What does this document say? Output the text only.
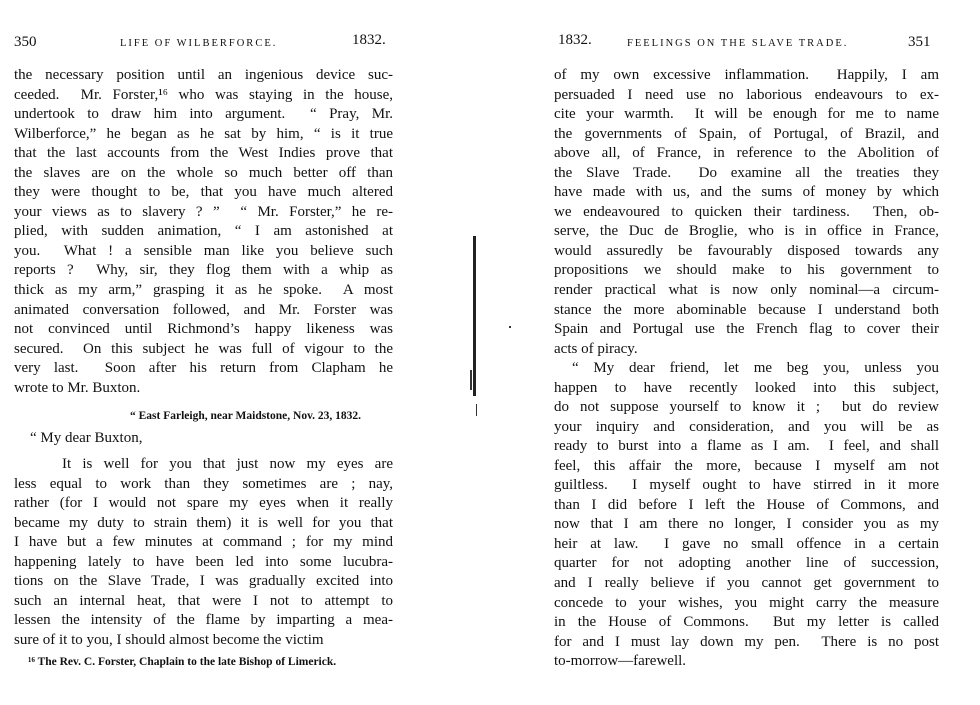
350	LIFE OF WILBERFORCE.	1832.
the necessary position until an ingenious device suc-
ceeded.  Mr. Forster,¹⁶ who was staying in the house,
undertook to draw him into argument.  “ Pray, Mr.
Wilberforce,” he began as he sat by him, “ is it true
that the last accounts from the West Indies prove that
the slaves are on the whole so much better off than
they were thought to be, that you have much altered
your views as to slavery ? ”  “ Mr. Forster,” he re-
plied, with sudden animation, “ I am astonished at
you.  What ! a sensible man like you believe such
reports ?  Why, sir, they flog them with a whip as
thick as my arm,” grasping it as he spoke.  A most
animated conversation followed, and Mr. Forster was
not convinced until Richmond’s happy likeness was
secured.  On this subject he was full of vigour to the
very last.  Soon after his return from Clapham he
wrote to Mr. Buxton.
“ East Farleigh, near Maidstone, Nov. 23, 1832.
“ My dear Buxton,
It is well for you that just now my eyes are
less equal to work than they sometimes are ; nay,
rather (for I would not spare my eyes when it really
became my duty to strain them) it is well for you that
I have but a few minutes at command ; for my mind
happening lately to have been led into some lucubra-
tions on the Slave Trade, I was gradually excited into
such an internal heat, that were I not to attempt to
lessen the intensity of the flame by imparting a mea-
sure of it to you, I should almost become the victim
¹⁶ The Rev. C. Forster, Chaplain to the late Bishop of Limerick.
1832.	FEELINGS ON THE SLAVE TRADE.	351
of my own excessive inflammation.  Happily, I am
persuaded I need use no laborious endeavours to ex-
cite your warmth.  It will be enough for me to name
the governments of Spain, of Portugal, of Brazil, and
above all, of France, in reference to the Abolition of
the Slave Trade.  Do examine all the treaties they
have made with us, and the sums of money by which
we endeavoured to quicken their tardiness.  Then, ob-
serve, the Duc de Broglie, who is in office in France,
would assuredly be favourably disposed towards any
propositions we should make to his government to
render practical what is now only nominal—a circum-
stance the more abominable because I understand both
Spain and Portugal use the French flag to cover their
acts of piracy.
“ My dear friend, let me beg you, unless you
happen to have recently looked into this subject,
do not suppose yourself to know it ;  but do review
your inquiry and consideration, and you will be as
ready to burst into a flame as I am.  I feel, and shall
feel, this affair the more, because I myself am not
guiltless.  I myself ought to have stirred in it more
than I did before I left the House of Commons, and
now that I am there no longer, I consider you as my
heir at law.  I gave no small offence in a certain
quarter for not adopting another line of succession,
and I really believe if you cannot get government to
concede to your wishes, you might carry the measure
in the House of Commons.  But my letter is called
for and I must lay down my pen.  There is no post
to-morrow—farewell.
